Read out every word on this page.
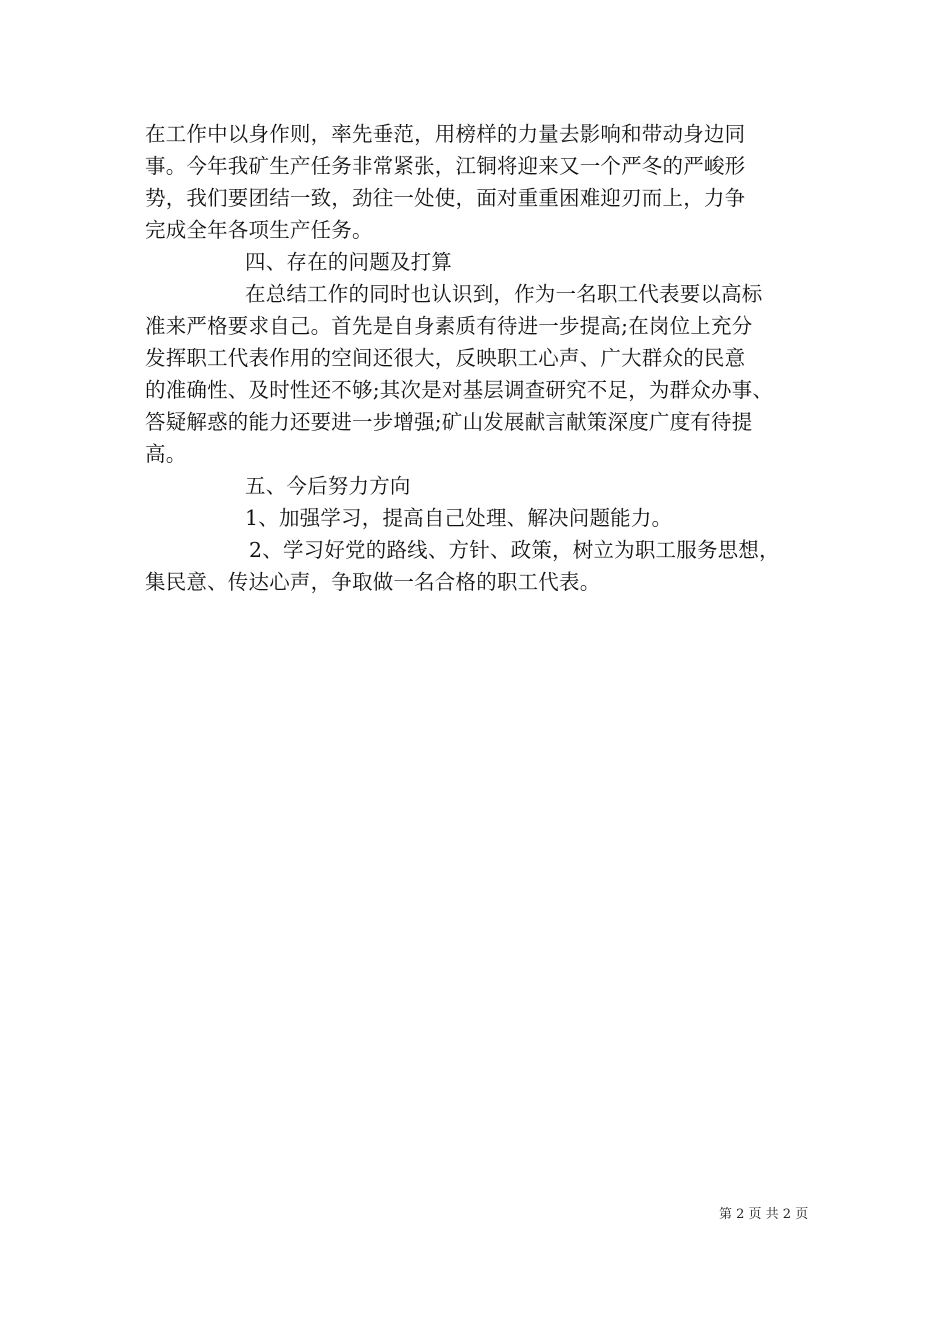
在工作中以身作则，率先垂范，用榜样的力量去影响和带动身边同
事。今年我矿生产任务非常紧张，江铜将迎来又一个严冬的严峻形
势，我们要团结一致，劲往一处使，面对重重困难迎刃而上，力争
完成全年各项生产任务。
四、存在的问题及打算
在总结工作的同时也认识到，作为一名职工代表要以高标
准来严格要求自己。首先是自身素质有待进一步提高;在岗位上充分
发挥职工代表作用的空间还很大，反映职工心声、广大群众的民意
的准确性、及时性还不够;其次是对基层调查研究不足，为群众办事、
答疑解惑的能力还要进一步增强;矿山发展献言献策深度广度有待提
高。
五、今后努力方向
1、加强学习，提高自己处理、解决问题能力。
2、学习好党的路线、方针、政策，树立为职工服务思想，
集民意、传达心声，争取做一名合格的职工代表。
第 2 页 共 2 页
